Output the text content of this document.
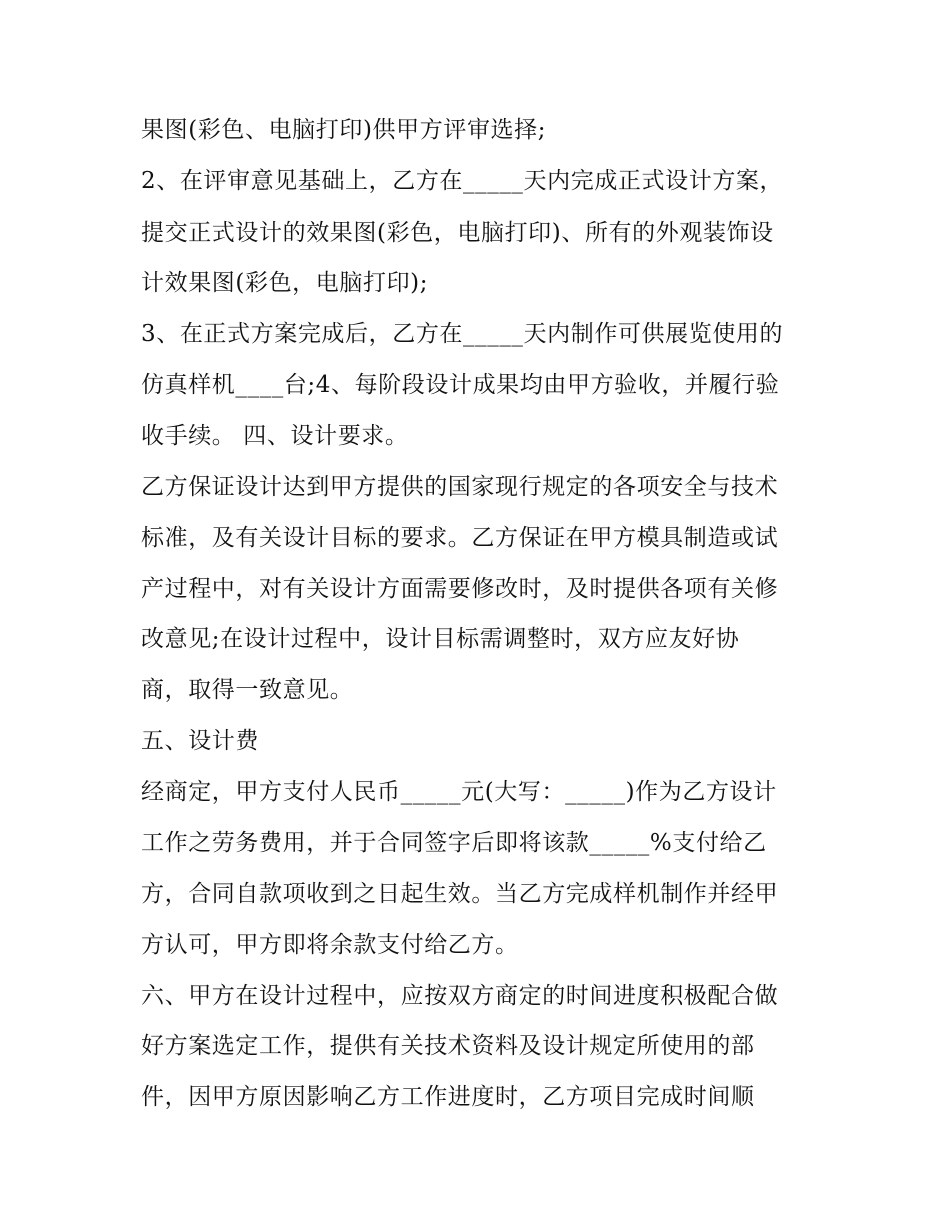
果图(彩色、电脑打印)供甲方评审选择;
2、在评审意见基础上，乙方在_____天内完成正式设计方案，
提交正式设计的效果图(彩色，电脑打印)、所有的外观装饰设
计效果图(彩色，电脑打印);
3、在正式方案完成后，乙方在_____天内制作可供展览使用的
仿真样机____台;4、每阶段设计成果均由甲方验收，并履行验
收手续。 四、设计要求。
乙方保证设计达到甲方提供的国家现行规定的各项安全与技术
标准，及有关设计目标的要求。乙方保证在甲方模具制造或试
产过程中，对有关设计方面需要修改时，及时提供各项有关修
改意见;在设计过程中，设计目标需调整时，双方应友好协
商，取得一致意见。
五、设计费
经商定，甲方支付人民币_____元(大写：_____)作为乙方设计
工作之劳务费用，并于合同签字后即将该款_____%支付给乙
方，合同自款项收到之日起生效。当乙方完成样机制作并经甲
方认可，甲方即将余款支付给乙方。
六、甲方在设计过程中，应按双方商定的时间进度积极配合做
好方案选定工作，提供有关技术资料及设计规定所使用的部
件，因甲方原因影响乙方工作进度时，乙方项目完成时间顺
